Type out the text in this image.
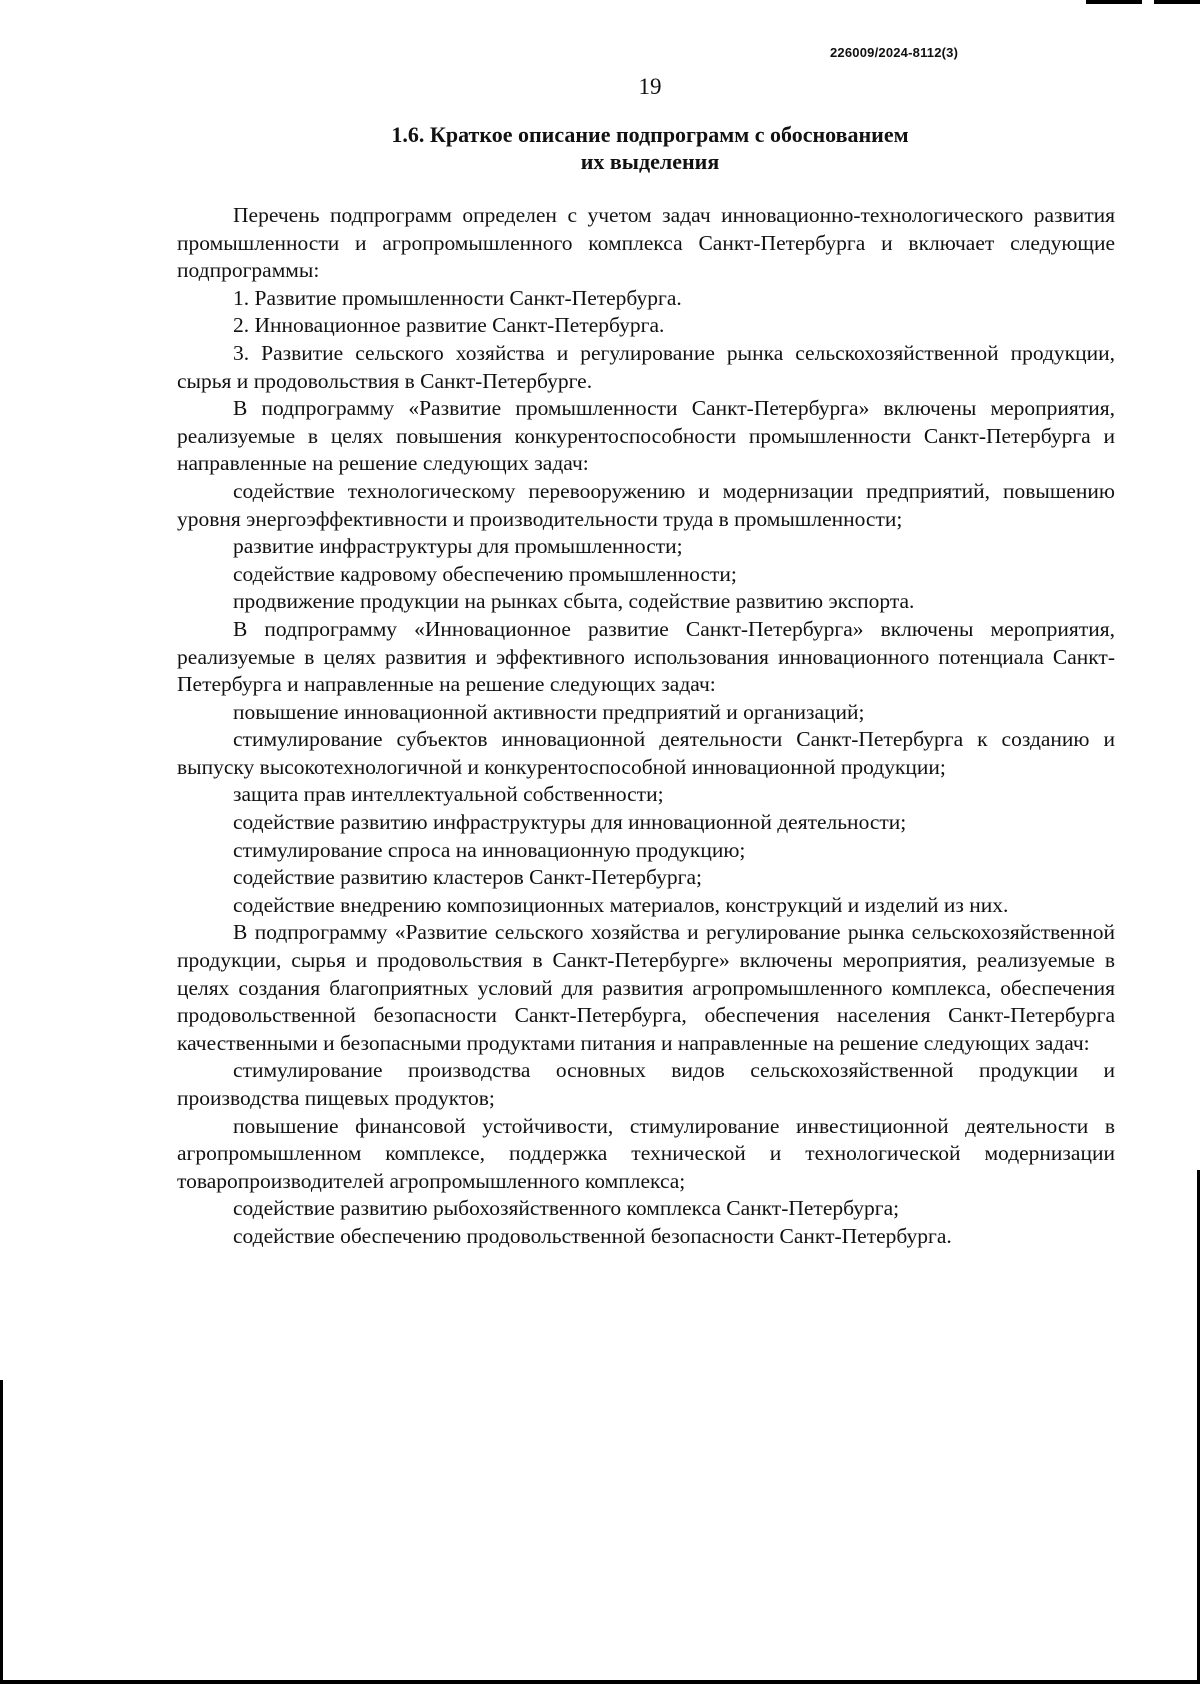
226009/2024-8112(3)
19
1.6. Краткое описание подпрограмм с обоснованием
их выделения

Перечень подпрограмм определен с учетом задач инновационно-технологического развития промышленности и агропромышленного комплекса Санкт-Петербурга и включает следующие подпрограммы:

1. Развитие промышленности Санкт-Петербурга.

2. Инновационное развитие Санкт-Петербурга.

3. Развитие сельского хозяйства и регулирование рынка сельскохозяйственной продукции, сырья и продовольствия в Санкт-Петербурге.

В подпрограмму «Развитие промышленности Санкт-Петербурга» включены мероприятия, реализуемые в целях повышения конкурентоспособности промышленности Санкт-Петербурга и направленные на решение следующих задач:

содействие технологическому перевооружению и модернизации предприятий, повышению уровня энергоэффективности и производительности труда в промышленности;

развитие инфраструктуры для промышленности;

содействие кадровому обеспечению промышленности;

продвижение продукции на рынках сбыта, содействие развитию экспорта.

В подпрограмму «Инновационное развитие Санкт-Петербурга» включены мероприятия, реализуемые в целях развития и эффективного использования инновационного потенциала Санкт-Петербурга и направленные на решение следующих задач:

повышение инновационной активности предприятий и организаций;

стимулирование субъектов инновационной деятельности Санкт-Петербурга к созданию и выпуску высокотехнологичной и конкурентоспособной инновационной продукции;

защита прав интеллектуальной собственности;

содействие развитию инфраструктуры для инновационной деятельности;

стимулирование спроса на инновационную продукцию;

содействие развитию кластеров Санкт-Петербурга;

содействие внедрению композиционных материалов, конструкций и изделий из них.

В подпрограмму «Развитие сельского хозяйства и регулирование рынка сельскохозяйственной продукции, сырья и продовольствия в Санкт-Петербурге» включены мероприятия, реализуемые в целях создания благоприятных условий для развития агропромышленного комплекса, обеспечения продовольственной безопасности Санкт-Петербурга, обеспечения населения Санкт-Петербурга качественными и безопасными продуктами питания и направленные на решение следующих задач:

стимулирование производства основных видов сельскохозяйственной продукции и производства пищевых продуктов;

повышение финансовой устойчивости, стимулирование инвестиционной деятельности в агропромышленном комплексе, поддержка технической и технологической модернизации товаропроизводителей агропромышленного комплекса;

содействие развитию рыбохозяйственного комплекса Санкт-Петербурга;

содействие обеспечению продовольственной безопасности Санкт-Петербурга.
